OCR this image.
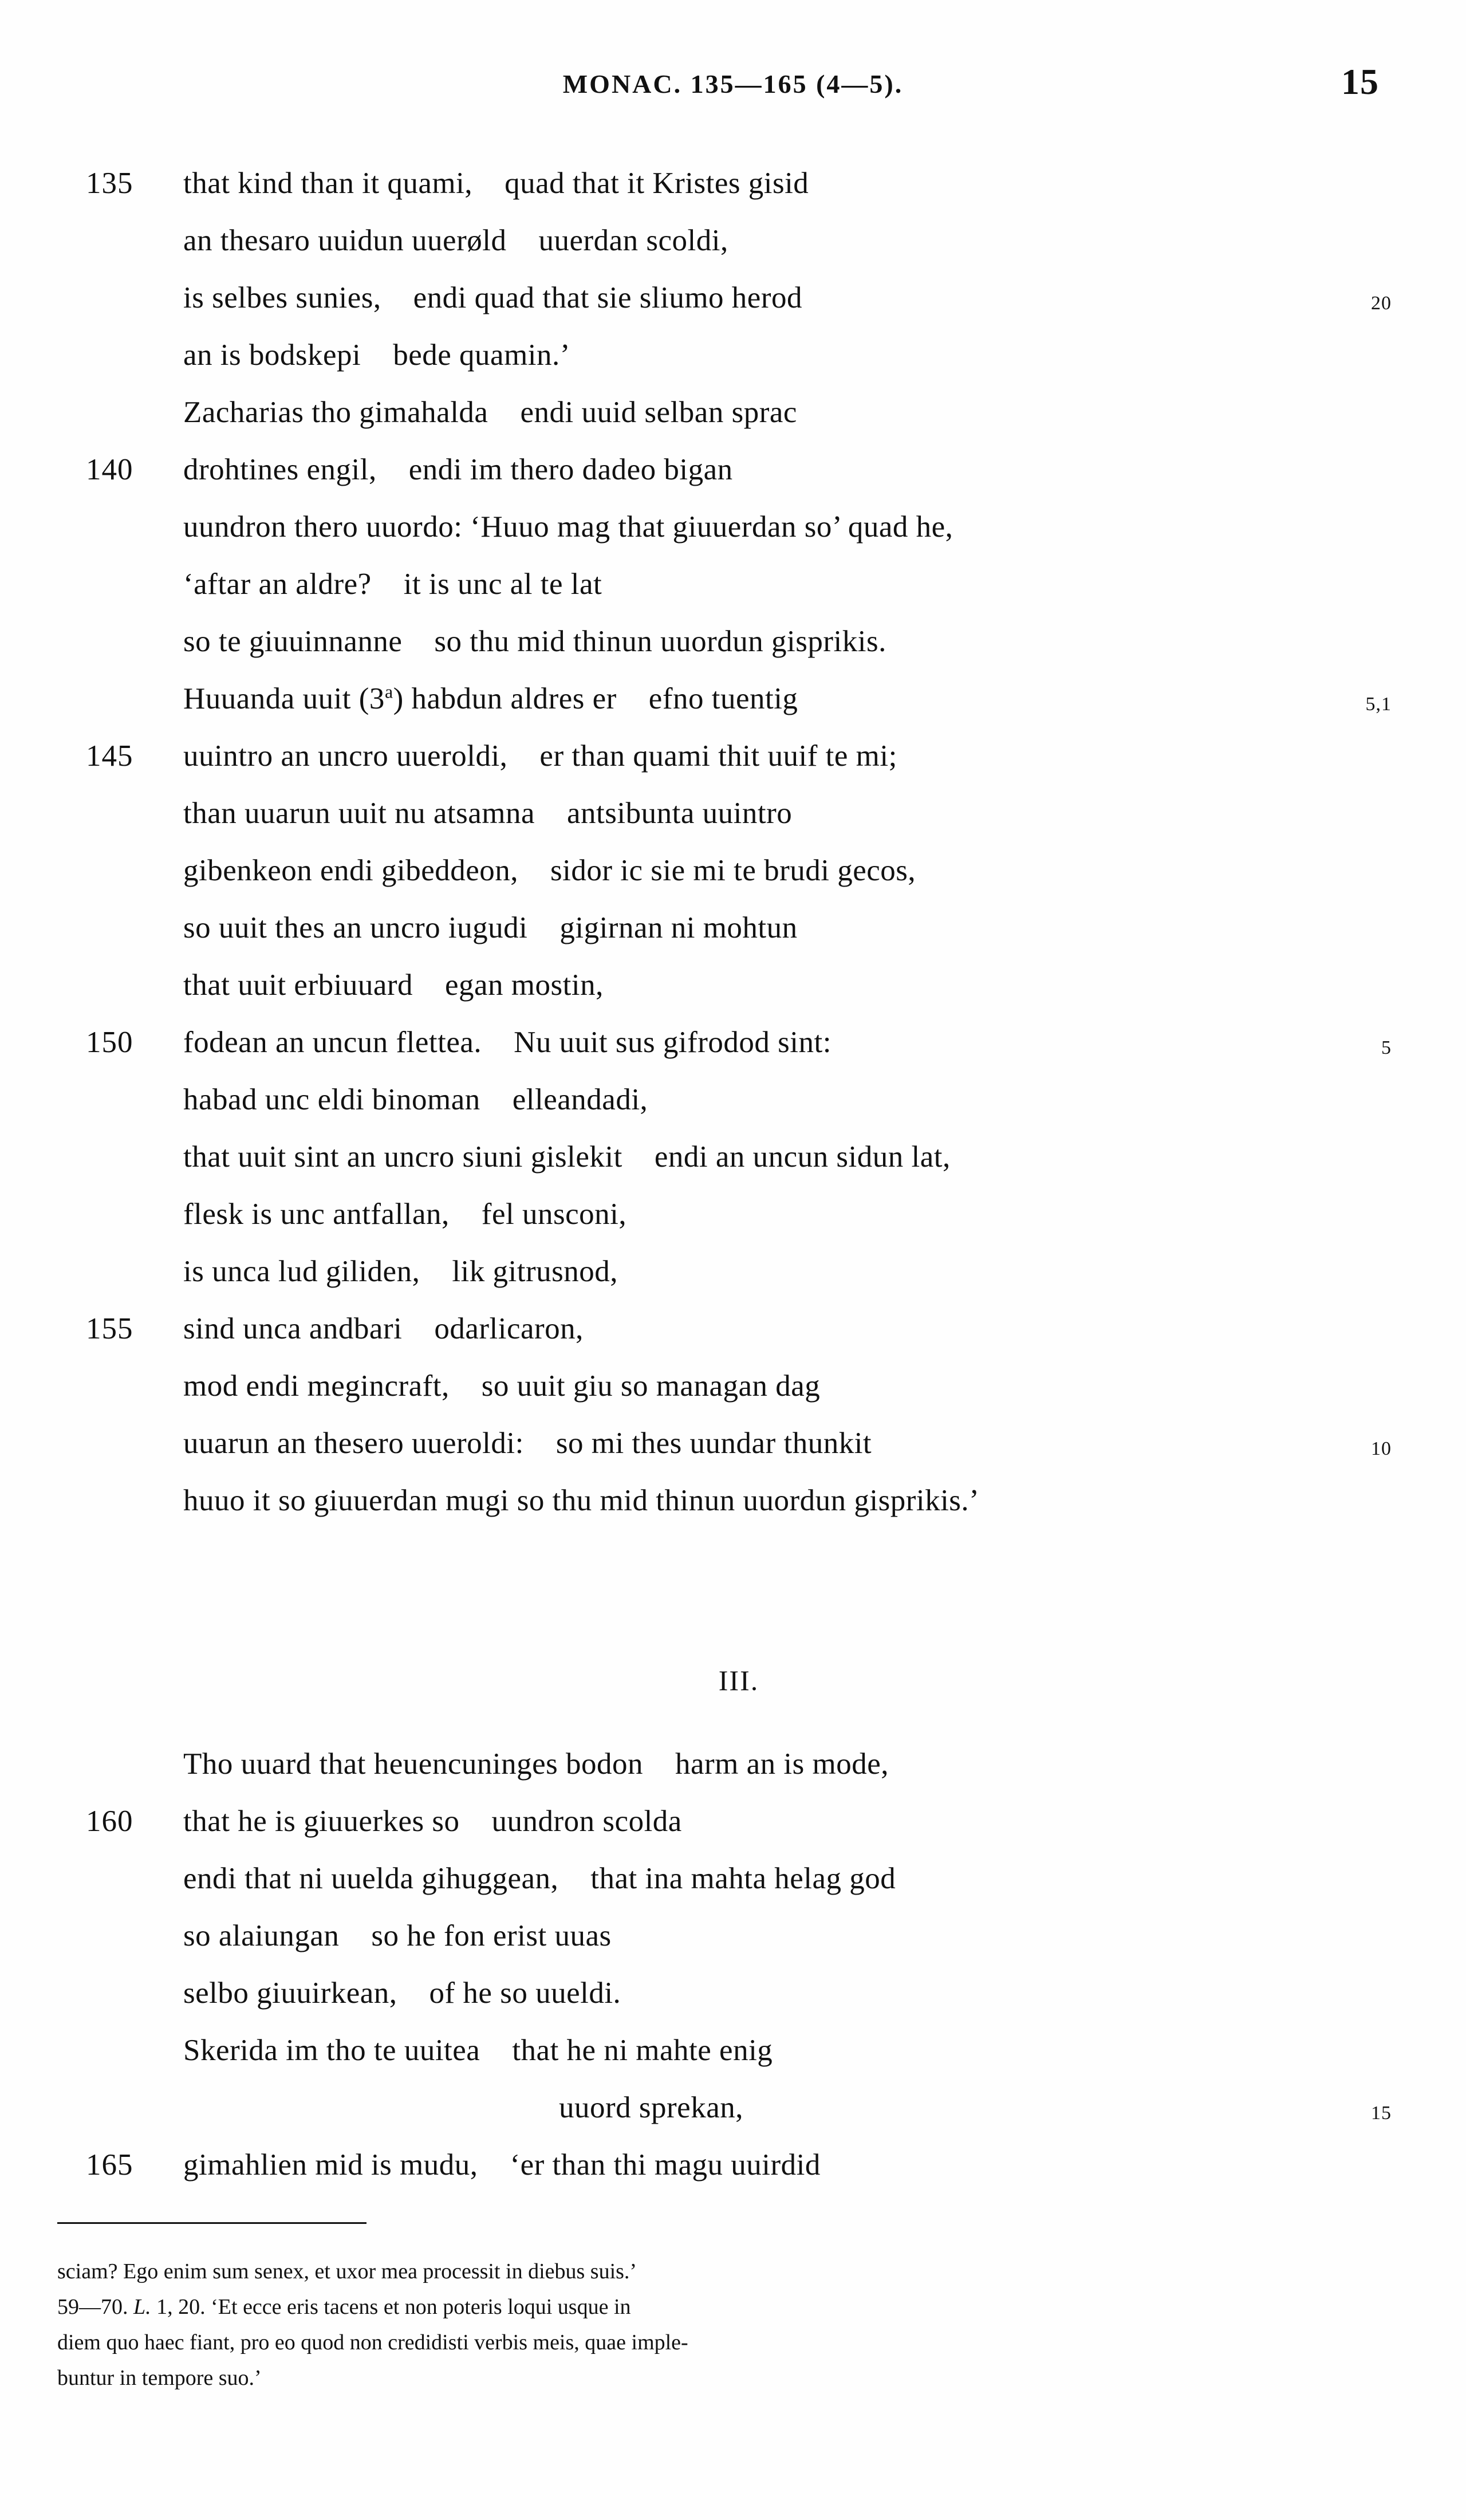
MONAC. 135—165 (4—5).	15
135	that kind than it quami, quad that it Kristes gisid
an thesaro uuidun uuerøld uuerdan scoldi,
is selbes sunies, endi quad that sie sliumo herod	20
an is bodskepi bede quamin.’
Zacharias tho gimahalda endi uuid selban sprac
140	drohtines engil, endi im thero dadeo bigan
uundron thero uuordo: ‘Huuo mag that giuuerdan so’ quad he,
‘aftar an aldre? it is unc al te lat
so te giuuinnanne so thu mid thinun uuordun gisprikis.
Huuanda uuit (3$^a$) habdun aldres er efno tuentig	5,1
145	uuintro an uncro uueroldi, er than quami thit uuif te mi;
than uuarun uuit nu atsamna antsibunta uuintro
gibenkeon endi gibeddeon, sidor ic sie mi te brudi gecos,
so uuit thes an uncro iugudi gigirnan ni mohtun
that uuit erbiuuard egan mostin,
150	fodean an uncun flettea. Nu uuit sus gifrodod sint:	5
habad unc eldi binoman elleandadi,
that uuit sint an uncro siuni gislekit endi an uncun sidun lat,
flesk is unc antfallan, fel unsconi,
is unca lud giliden, lik gitrusnod,
155	sind unca andbari odarlicaron,
mod endi megincraft, so uuit giu so managan dag
uuarun an thesero uueroldi: so mi thes uundar thunkit	10
huuo it so giuuerdan mugi so thu mid thinun uuordun gisprikis.’
III.
Tho uuard that heuencuninges bodon harm an is mode,
160	that he is giuuerkes so uundron scolda
endi that ni uuelda gihuggean, that ina mahta helag god
so alaiungan so he fon erist uuas
selbo giuuirkean, of he so uueldi.
Skerida im tho te uuitea that he ni mahte enig
uuord sprekan,	15
165	gimahlien mid is mudu, ‘er than thi magu uuirdid
sciam? Ego enim sum senex, et uxor mea processit in diebus suis.’
59—70. L. 1, 20. ‘Et ecce eris tacens et non poteris loqui usque in
diem quo haec fiant, pro eo quod non credidisti verbis meis, quae imple-
buntur in tempore suo.’
